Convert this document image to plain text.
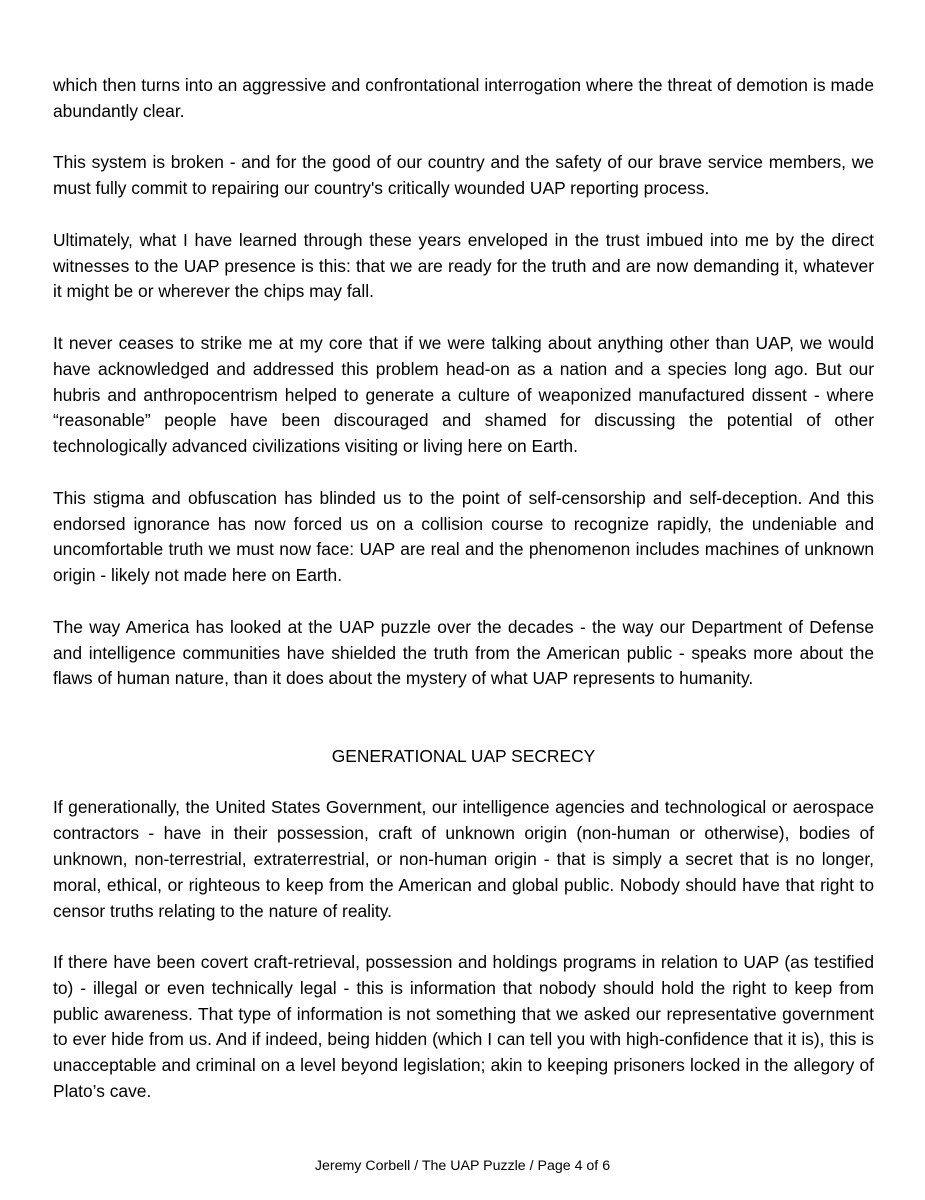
which then turns into an aggressive and confrontational interrogation where the threat of demotion is made abundantly clear.

This system is broken - and for the good of our country and the safety of our brave service members, we must fully commit to repairing our country's critically wounded UAP reporting process.

Ultimately, what I have learned through these years enveloped in the trust imbued into me by the direct witnesses to the UAP presence is this: that we are ready for the truth and are now demanding it, whatever it might be or wherever the chips may fall.

It never ceases to strike me at my core that if we were talking about anything other than UAP, we would have acknowledged and addressed this problem head-on as a nation and a species long ago. But our hubris and anthropocentrism helped to generate a culture of weaponized manufactured dissent - where “reasonable” people have been discouraged and shamed for discussing the potential of other technologically advanced civilizations visiting or living here on Earth.

This stigma and obfuscation has blinded us to the point of self-censorship and self-deception. And this endorsed ignorance has now forced us on a collision course to recognize rapidly, the undeniable and uncomfortable truth we must now face: UAP are real and the phenomenon includes machines of unknown origin - likely not made here on Earth.

The way America has looked at the UAP puzzle over the decades - the way our Department of Defense and intelligence communities have shielded the truth from the American public - speaks more about the flaws of human nature, than it does about the mystery of what UAP represents to humanity.

GENERATIONAL UAP SECRECY

If generationally, the United States Government, our intelligence agencies and technological or aerospace contractors - have in their possession, craft of unknown origin (non-human or otherwise), bodies of unknown, non-terrestrial, extraterrestrial, or non-human origin - that is simply a secret that is no longer, moral, ethical, or righteous to keep from the American and global public. Nobody should have that right to censor truths relating to the nature of reality.

If there have been covert craft-retrieval, possession and holdings programs in relation to UAP (as testified to) - illegal or even technically legal - this is information that nobody should hold the right to keep from public awareness. That type of information is not something that we asked our representative government to ever hide from us. And if indeed, being hidden (which I can tell you with high-confidence that it is), this is unacceptable and criminal on a level beyond legislation; akin to keeping prisoners locked in the allegory of Plato’s cave.

Jeremy Corbell / The UAP Puzzle / Page 4 of 6
